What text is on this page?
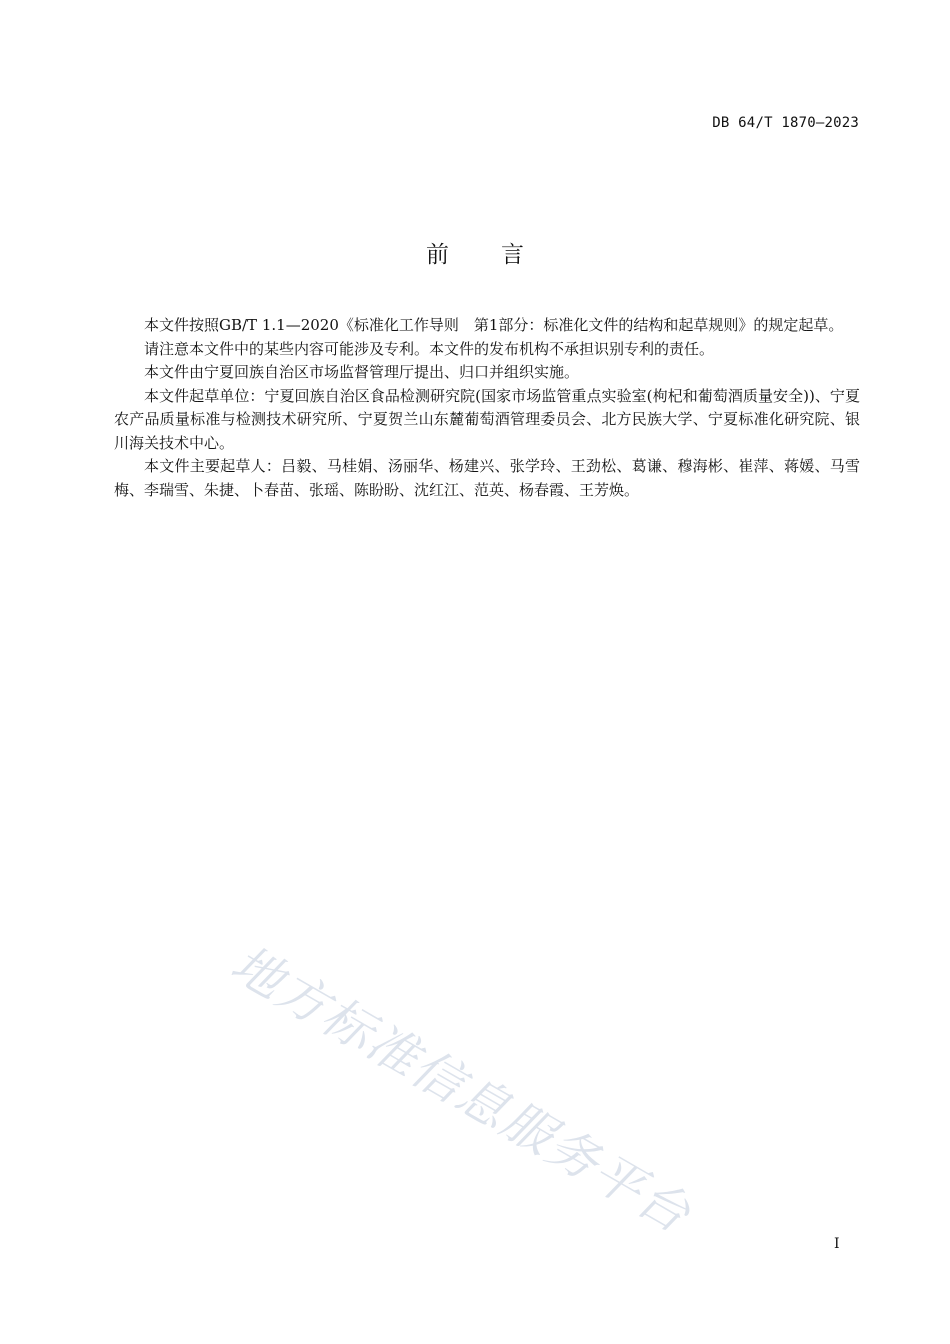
DB 64/T 1870—2023
前言

本文件按照GB/T 1.1—2020《标准化工作导则　第1部分：标准化文件的结构和起草规则》的规定起草。

请注意本文件中的某些内容可能涉及专利。本文件的发布机构不承担识别专利的责任。

本文件由宁夏回族自治区市场监督管理厅提出、归口并组织实施。

本文件起草单位：宁夏回族自治区食品检测研究院(国家市场监管重点实验室(枸杞和葡萄酒质量安全))、宁夏农产品质量标准与检测技术研究所、宁夏贺兰山东麓葡萄酒管理委员会、北方民族大学、宁夏标准化研究院、银川海关技术中心。

本文件主要起草人：吕毅、马桂娟、汤丽华、杨建兴、张学玲、王劲松、葛谦、穆海彬、崔萍、蒋媛、马雪梅、李瑞雪、朱捷、卜春苗、张瑶、陈盼盼、沈红江、范英、杨春霞、王芳焕。

地方标准信息服务平台	I
